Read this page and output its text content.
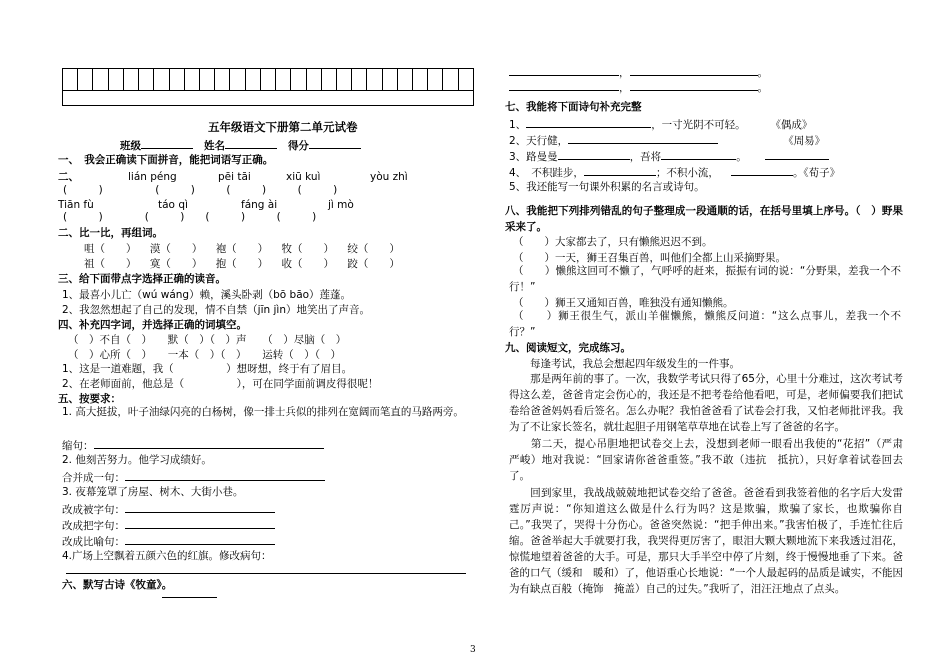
五年级语文下册第二单元试卷
班级	姓名	得分
一、　我会正确读下面拼音，能把词语写正确。
二、	lián péng	pēi tāi	xiū kuì	yòu zhì
(　　　)　　　　　(　　　)　　　(　　　)　　　(　　　)
Tiān fù	táo qì	fáng ài	jì mò
(　　　)　　　　(　　　)　　(　　　)　　　(　　　)
二、比一比，再组词。
咀（　　） 漠（　　） 袍（　　） 牧（　　） 绞（　　）
祖（　　） 寞（　　） 抱（　　） 收（　　） 跤（　　）
三、给下面带点字选择正确的读音。
1、最喜小儿亡（wú wáng）赖，溪头卧剥（bō bāo）莲蓬。
2、我忽然想起了自己的发现，情不自禁（jīn jìn）地笑出了声音。
四、补充四字词，并选择正确的词填空。
（　）不自（　）　　默（　）（　）声　　（　）尽脑（　）
（　）心所（　）　　一本（　）（　）　　运转（　）（　）
1、这是一道难题，我（　　　　　）想呀想，终于有了眉目。
2、在老师面前，他总是（　　　　　），可在同学面前调皮得很呢！
五、按要求：
1. 高大挺拔，叶子油绿闪亮的白杨树，像一排士兵似的排列在宽阔而笔直的马路两旁。
缩句：
2. 他刻苦努力。他学习成绩好。
合并成一句：
3. 夜幕笼罩了房屋、树木、大街小巷。
改成被字句：
改成把字句：
改成比喻句：
4.广场上空飘着五颜六色的红旗。修改病句：
六、默写古诗《牧童》。
，	。
，	。
七、我能将下面诗句补充完整
1、	，一寸光阴不可轻。	《偶成》
2、天行健，	《周易》
3、路曼曼	，吾将	。
4、　不积跬步，	；不积小流，	。《荀子》
5、我还能写一句课外积累的名言或诗句。
八、我能把下列排列错乱的句子整理成一段通顺的话，在括号里填上序号。（　）野果采来了。
（　　）大家都去了，只有懒熊迟迟不到。
（　　）一天，狮王召集百兽，叫他们全都上山采摘野果。
（　　）懒熊这回可不懒了，气呼呼的赶来，振振有词的说：“分野果，差我一个不行！”
（　　）狮王又通知百兽，唯独没有通知懒熊。
（　　）狮王很生气，派山羊催懒熊，懒熊反问道：“这么点事儿，差我一个不行？”
九、阅读短文，完成练习。
　　每逢考试，我总会想起四年级发生的一件事。
　　那是两年前的事了。一次，我数学考试只得了65分，心里十分难过，这次考试考得这么差，爸爸肯定会伤心的，我还是不把考卷给他看吧，可是，老师偏要我们把试卷给爸爸妈妈看后签名。怎么办呢？我怕爸爸看了试卷会打我，又怕老师批评我。我为了不让家长签名，就壮起胆子用钢笔草草地在试卷上写了爸爸的名字。
　　第二天，提心吊胆地把试卷交上去，没想到老师一眼看出我使的“花招”（严肃　严峻）地对我说：“回家请你爸爸重签。”我不敢（违抗　抵抗），只好拿着试卷回去了。
　　回到家里，我战战兢兢地把试卷交给了爸爸。爸爸看到我签着他的名字后大发雷霆厉声说：“你知道这么做是什么行为吗？这是欺骗，欺骗了家长，也欺骗你自己。”我哭了，哭得十分伤心。爸爸突然说：“把手伸出来。”我害怕极了，手连忙往后缩。爸爸举起大手就要打我，我哭得更厉害了，眼泪大颗大颗地流下来我透过泪花，惊慌地望着爸爸的大手。可是，那只大手半空中停了片刻，终于慢慢地垂了下来。爸爸的口气（缓和　暖和）了，他语重心长地说：“一个人最起码的品质是诚实，不能因为有缺点百般（掩饰　掩盖）自己的过失。”我听了，泪汪汪地点了点头。
3
